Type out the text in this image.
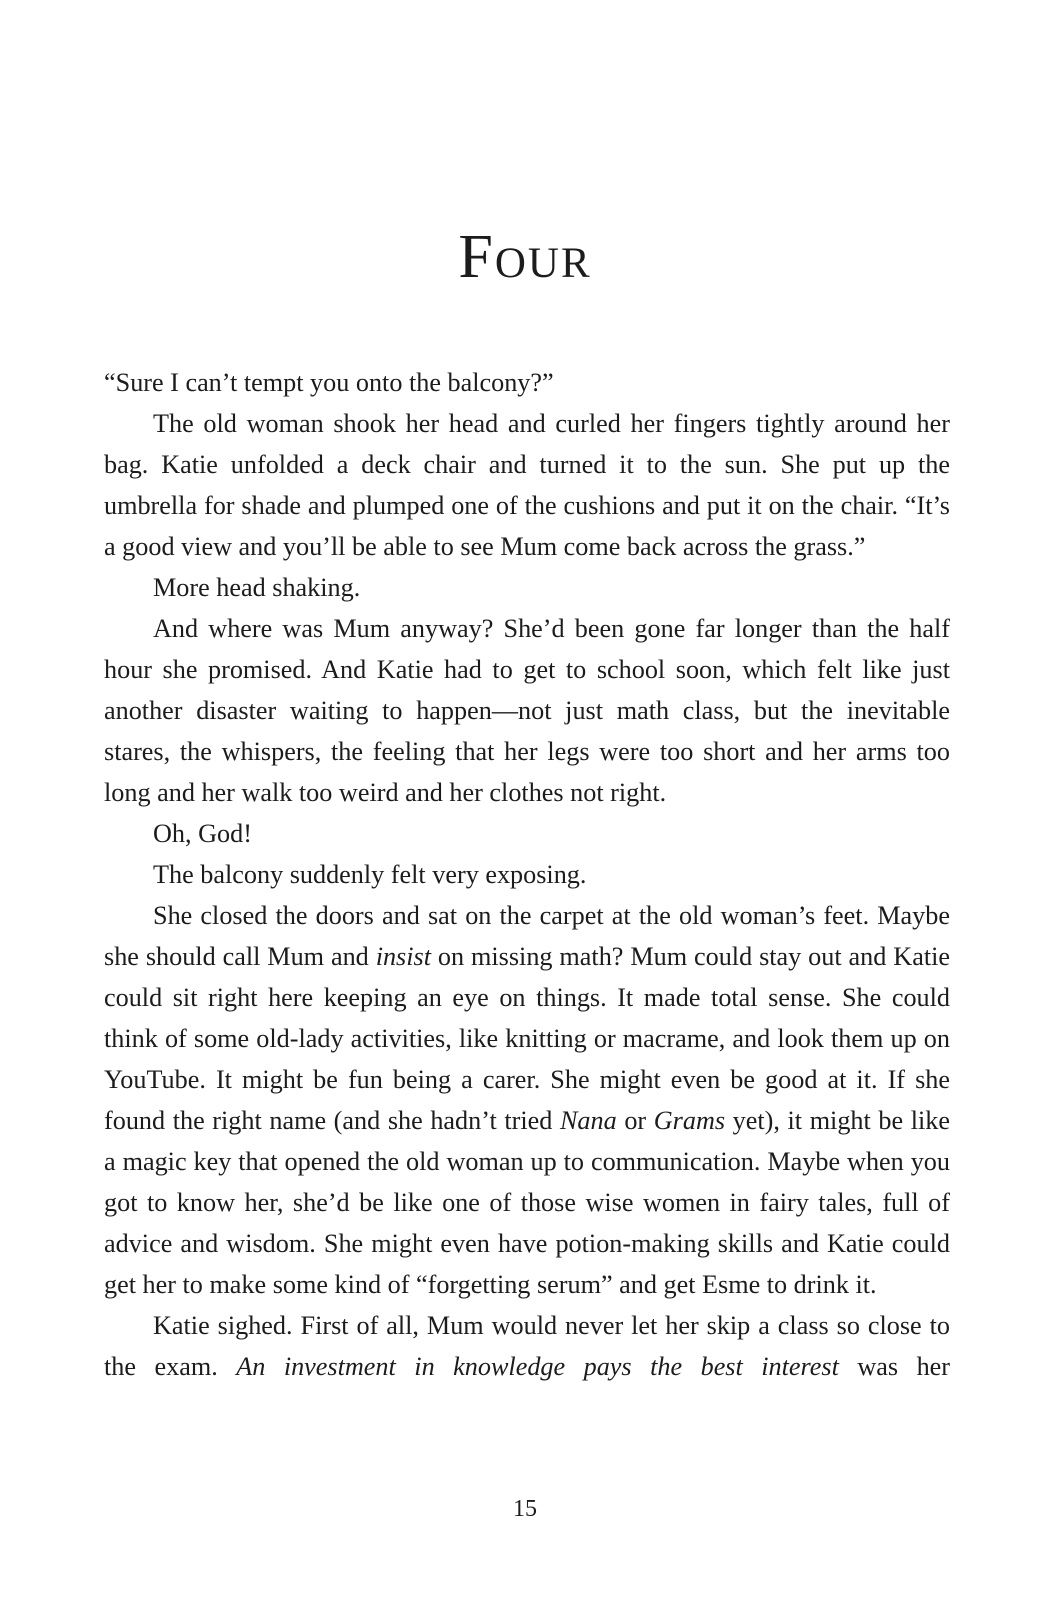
Four

“Sure I can’t tempt you onto the balcony?”

The old woman shook her head and curled her fingers tightly around her bag. Katie unfolded a deck chair and turned it to the sun. She put up the umbrella for shade and plumped one of the cushions and put it on the chair. “It’s a good view and you’ll be able to see Mum come back across the grass.”

More head shaking.

And where was Mum anyway? She’d been gone far longer than the half hour she promised. And Katie had to get to school soon, which felt like just another disaster waiting to happen—not just math class, but the inevitable stares, the whispers, the feeling that her legs were too short and her arms too long and her walk too weird and her clothes not right.

Oh, God!

The balcony suddenly felt very exposing.

She closed the doors and sat on the carpet at the old woman’s feet. Maybe she should call Mum and insist on missing math? Mum could stay out and Katie could sit right here keeping an eye on things. It made total sense. She could think of some old-lady activities, like knitting or macrame, and look them up on YouTube. It might be fun being a carer. She might even be good at it. If she found the right name (and she hadn’t tried Nana or Grams yet), it might be like a magic key that opened the old woman up to communication. Maybe when you got to know her, she’d be like one of those wise women in fairy tales, full of advice and wisdom. She might even have potion-making skills and Katie could get her to make some kind of “forgetting serum” and get Esme to drink it.

Katie sighed. First of all, Mum would never let her skip a class so close to the exam. An investment in knowledge pays the best interest was her

15
